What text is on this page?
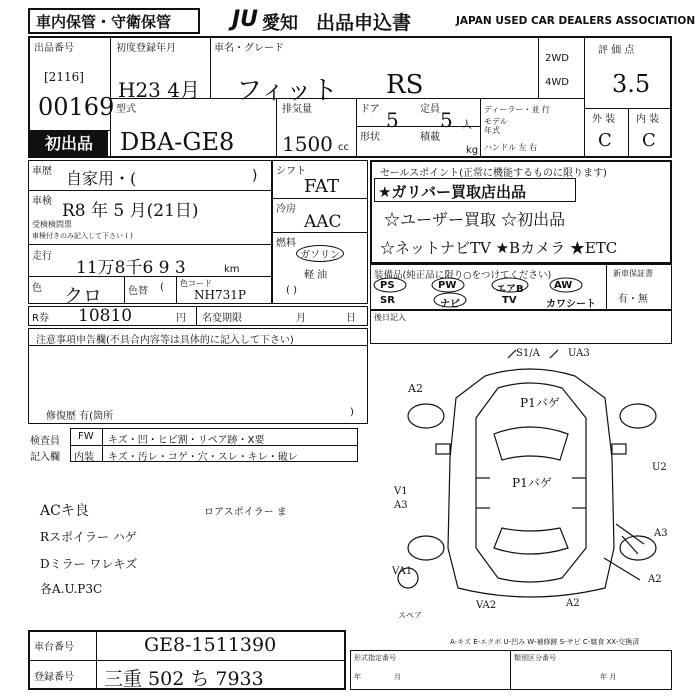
車内保管・守衛保管	JU 愛知 出品申込書	JAPAN USED CAR DEALERS ASSOCIATION
出品番号
[2116]
00169
初出品
初度登録年月
H23 4月
車名・グレード
フィット RS
2WD
4WD
評 価 点
3.5
外 装 内 装
C C
型式
DBA-GE8
排気量
1500 cc
ドア 5 定員 5 人
形状	積載
kg
ディーラー・並 行
モデル
年式
ハンドル 左 右
車歴 自家用・(	)
車検 R8 年 5 月(21日)
受検検問票
車検付きのみ記入して下さい ( )
走行
11万8千6 9 3	km
色 クロ	色替 ( 色コード
NH731P
シフト
FAT
冷房
AAC
燃料
ガソリン
軽 油
( )
R券 10810	円 名変期限	月	日
注意事項申告欄(不具合内容等は具体的に記入して下さい)
修復歴 有(箇所	)
検査員
記入欄
FW キズ・凹・ヒビ割・リペア跡・X要
内装 キズ・汚レ・コゲ・穴・スレ・キレ・破レ
ACキ良	ロアスポイラー ま
Rスポイラー ハゲ
Dミラー ワレキズ
各A.U.P3C
セールスポイント(正常に機能するものに限ります)
★ガリバー買取店出品
☆ユーザー買取 ☆初出品
☆ネットナビTV ★Bカメラ ★ETC
装備品(純正品に限り○をつけてください)	新車保証書
有・無
PS	PW	エアB	AW
SR	ナビ	TV	カワシート
後日記入
S1/A	UA3
A2
P1バゲ
P1バゲ
U2
V1
A3
A3
VA1
A2
スペア
VA2	A2
A-キズ E-エクボ U-凹み W-補修跡 S-サビ C-腐食 XX-交換済
車台番号	GE8-1511390
登録番号 三重 502 ち 7933
形式指定番号	類別区分番号
年	月	年 月
